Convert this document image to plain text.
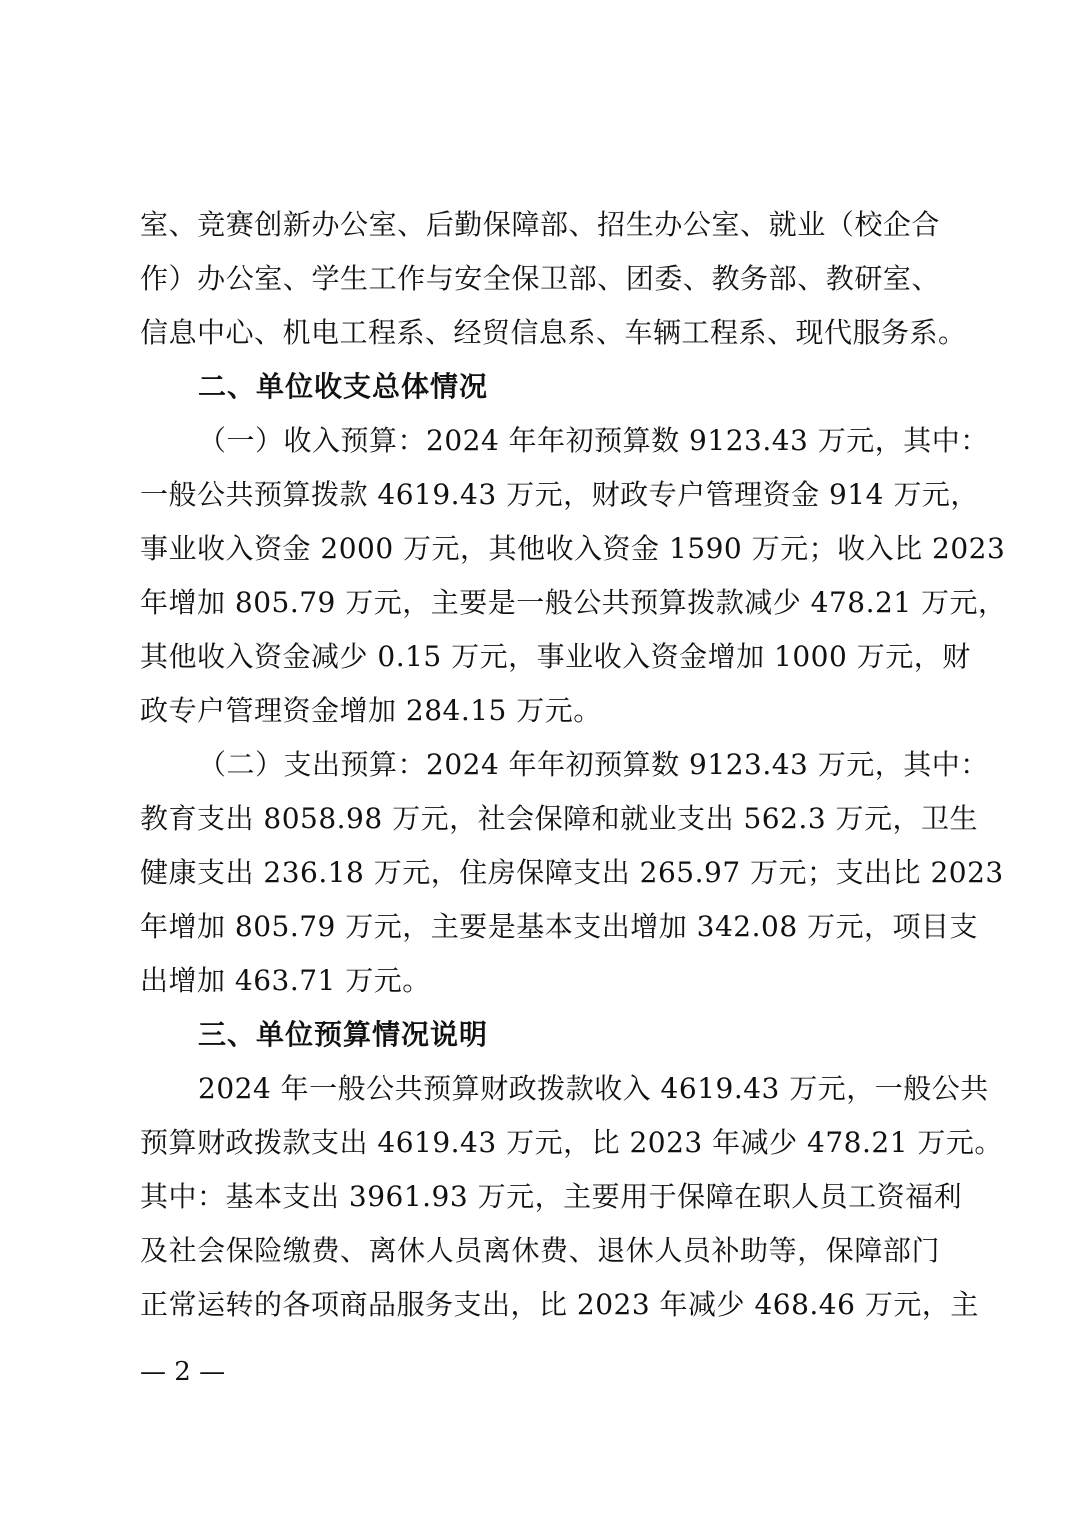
室、竞赛创新办公室、后勤保障部、招生办公室、就业（校企合
作）办公室、学生工作与安全保卫部、团委、教务部、教研室、
信息中心、机电工程系、经贸信息系、车辆工程系、现代服务系。
二、单位收支总体情况
（一）收入预算：2024 年年初预算数 9123.43 万元，其中：
一般公共预算拨款 4619.43 万元，财政专户管理资金 914 万元，
事业收入资金 2000 万元，其他收入资金 1590 万元；收入比 2023
年增加 805.79 万元，主要是一般公共预算拨款减少 478.21 万元，
其他收入资金减少 0.15 万元，事业收入资金增加 1000 万元，财
政专户管理资金增加 284.15 万元。
（二）支出预算：2024 年年初预算数 9123.43 万元，其中：
教育支出 8058.98 万元，社会保障和就业支出 562.3 万元，卫生
健康支出 236.18 万元，住房保障支出 265.97 万元；支出比 2023
年增加 805.79 万元，主要是基本支出增加 342.08 万元，项目支
出增加 463.71 万元。
三、单位预算情况说明
2024 年一般公共预算财政拨款收入 4619.43 万元，一般公共
预算财政拨款支出 4619.43 万元，比 2023 年减少 478.21 万元。
其中：基本支出 3961.93 万元，主要用于保障在职人员工资福利
及社会保险缴费、离休人员离休费、退休人员补助等，保障部门
正常运转的各项商品服务支出，比 2023 年减少 468.46 万元，主
— 2 —
